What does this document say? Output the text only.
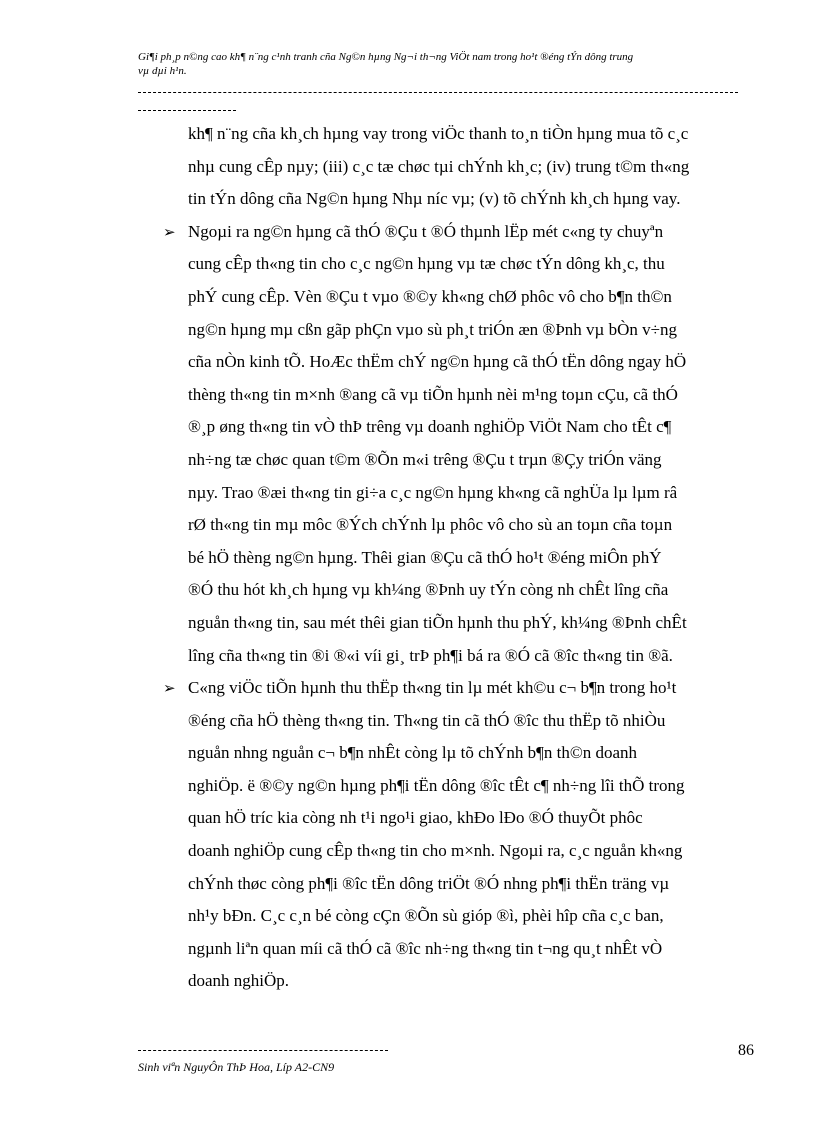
Gi¶i ph¸p n©ng cao kh¶ n¨ng c¹nh tranh cña Ng©n hµng Ng¬i th¬ng ViÖt nam trong ho¹t ®éng tÝn dông trung
vµ dµi h¹n.
kh¶ n¨ng cña kh¸ch hµng vay trong viÖc thanh to¸n tiÒn hµng mua tõ c¸c
nhµ cung cÊp nµy; (iii) c¸c tæ chøc tµi chÝnh kh¸c; (iv) trung t©m th«ng
tin tÝn dông cña Ng©n hµng Nhµ níc vµ; (v) tõ chÝnh kh¸ch hµng vay.
➢ Ngoµi ra ng©n hµng cã thÓ ®Çu t ®Ó thµnh lËp mét c«ng ty chuyªn
cung cÊp th«ng tin cho c¸c ng©n hµng vµ tæ chøc tÝn dông kh¸c, thu
phÝ cung cÊp. Vèn ®Çu t vµo ®©y kh«ng chØ phôc vô cho b¶n th©n
ng©n hµng mµ cßn gãp phÇn vµo sù ph¸t triÓn æn ®Þnh vµ bÒn v÷ng
cña nÒn kinh tÕ. HoÆc thËm chÝ ng©n hµng cã thÓ tËn dông ngay hÖ
thèng th«ng tin m×nh ®ang cã vµ tiÕn hµnh nèi m¹ng toµn cÇu, cã thÓ
®¸p øng th«ng tin vÒ thÞ trêng vµ doanh nghiÖp ViÖt Nam cho tÊt c¶
nh÷ng tæ chøc quan t©m ®Õn m«i trêng ®Çu t trµn ®Çy triÓn väng
nµy. Trao ®æi th«ng tin gi÷a c¸c ng©n hµng kh«ng cã nghÜa lµ lµm râ
rØ th«ng tin mµ môc ®Ých chÝnh lµ phôc vô cho sù an toµn cña toµn
bé hÖ thèng ng©n hµng. Thêi gian ®Çu cã thÓ ho¹t ®éng miÔn phÝ
®Ó thu hót kh¸ch hµng vµ kh¼ng ®Þnh uy tÝn còng nh chÊt lîng cña
nguån th«ng tin, sau mét thêi gian tiÕn hµnh thu phÝ, kh¼ng ®Þnh chÊt
lîng cña th«ng tin ®i ®«i víi gi¸ trÞ ph¶i bá ra ®Ó cã ®îc th«ng tin ®ã.
➢ C«ng viÖc tiÕn hµnh thu thËp th«ng tin lµ mét kh©u c¬ b¶n trong ho¹t
®éng cña hÖ thèng th«ng tin. Th«ng tin cã thÓ ®îc thu thËp tõ nhiÒu
nguån nhng nguån c¬ b¶n nhÊt còng lµ tõ chÝnh b¶n th©n doanh
nghiÖp. ë ®©y ng©n hµng ph¶i tËn dông ®îc tÊt c¶ nh÷ng lîi thÕ trong
quan hÖ tríc kia còng nh t¹i ngo¹i giao, khÐo lÐo ®Ó thuyÕt phôc
doanh nghiÖp cung cÊp th«ng tin cho m×nh. Ngoµi ra, c¸c nguån kh«ng
chÝnh thøc còng ph¶i ®îc tËn dông triÖt ®Ó nhng ph¶i thËn träng vµ
nh¹y bÐn. C¸c c¸n bé còng cÇn ®Õn sù gióp ®ì, phèi hîp cña c¸c ban,
ngµnh liªn quan míi cã thÓ cã ®îc nh÷ng th«ng tin t¬ng qu¸t nhÊt vÒ
doanh nghiÖp.
Sinh viªn NguyÔn ThÞ Hoa, Líp A2-CN9
86
